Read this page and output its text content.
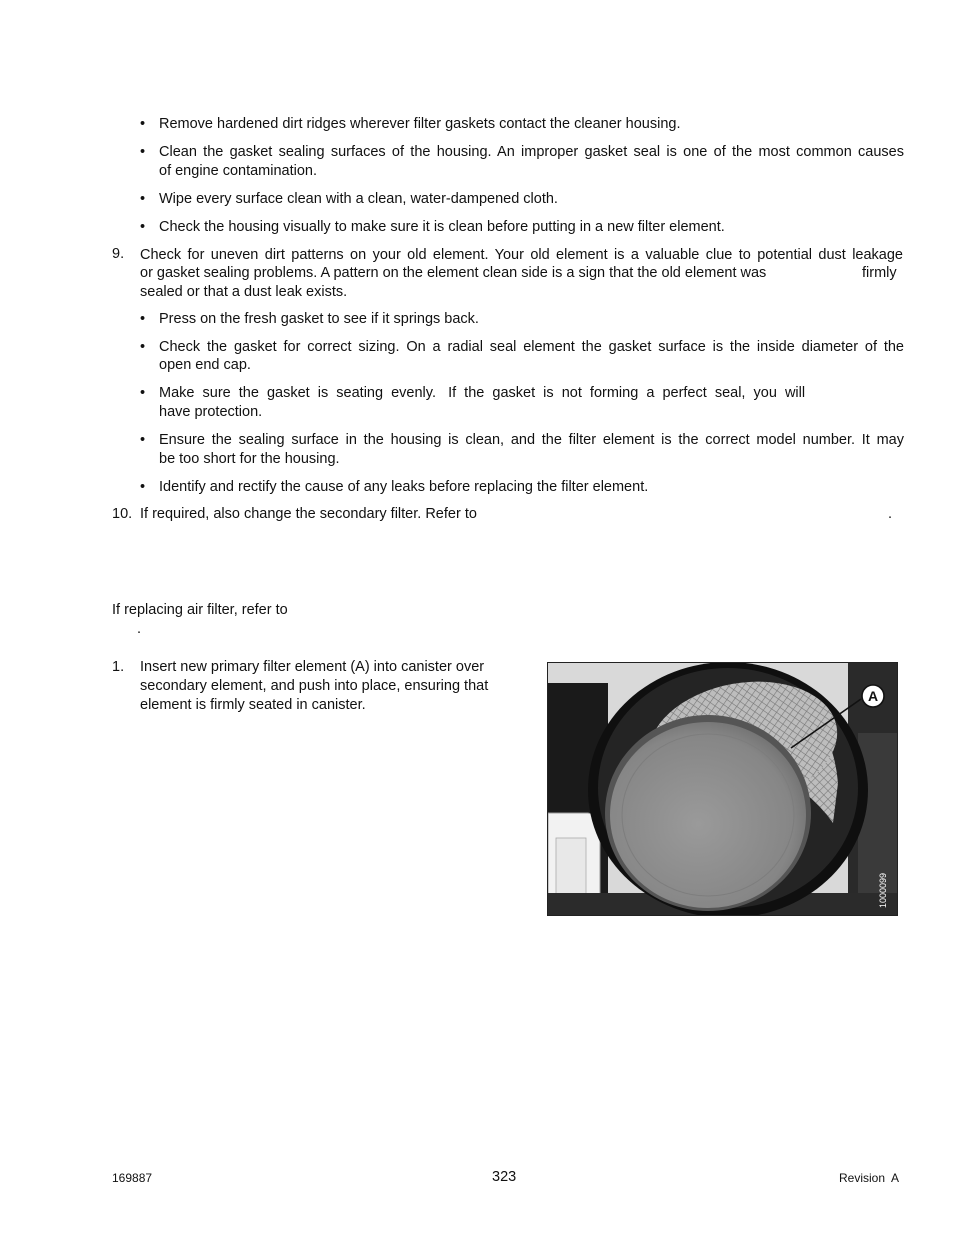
• Remove hardened dirt ridges wherever filter gaskets contact the cleaner housing.
• Clean the gasket sealing surfaces of the housing. An improper gasket seal is one of the most common causes
of engine contamination.
• Wipe every surface clean with a clean, water-dampened cloth.
• Check the housing visually to make sure it is clean before putting in a new filter element.
9. Check for uneven dirt patterns on your old element. Your old element is a valuable clue to potential dust leakage
or gasket sealing problems. A pattern on the element clean side is a sign that the old element was	firmly
sealed or that a dust leak exists.
• Press on the fresh gasket to see if it springs back.
• Check the gasket for correct sizing. On a radial seal element the gasket surface is the inside diameter of the
open end cap.
• Make  sure  the  gasket  is  seating  evenly.   If  the  gasket  is  not  forming  a  perfect  seal,  you  will
have protection.
• Ensure the sealing surface in the housing is clean, and the filter element is the correct model number. It may
be too short for the housing.
• Identify and rectify the cause of any leaks before replacing the filter element.
10. If required, also change the secondary filter. Refer to	.
If replacing air filter, refer to
.
1. Insert new primary filter element (A) into canister over
secondary element, and push into place, ensuring that
element is firmly seated in canister.
A
1000099
169887	323	Revision  A
